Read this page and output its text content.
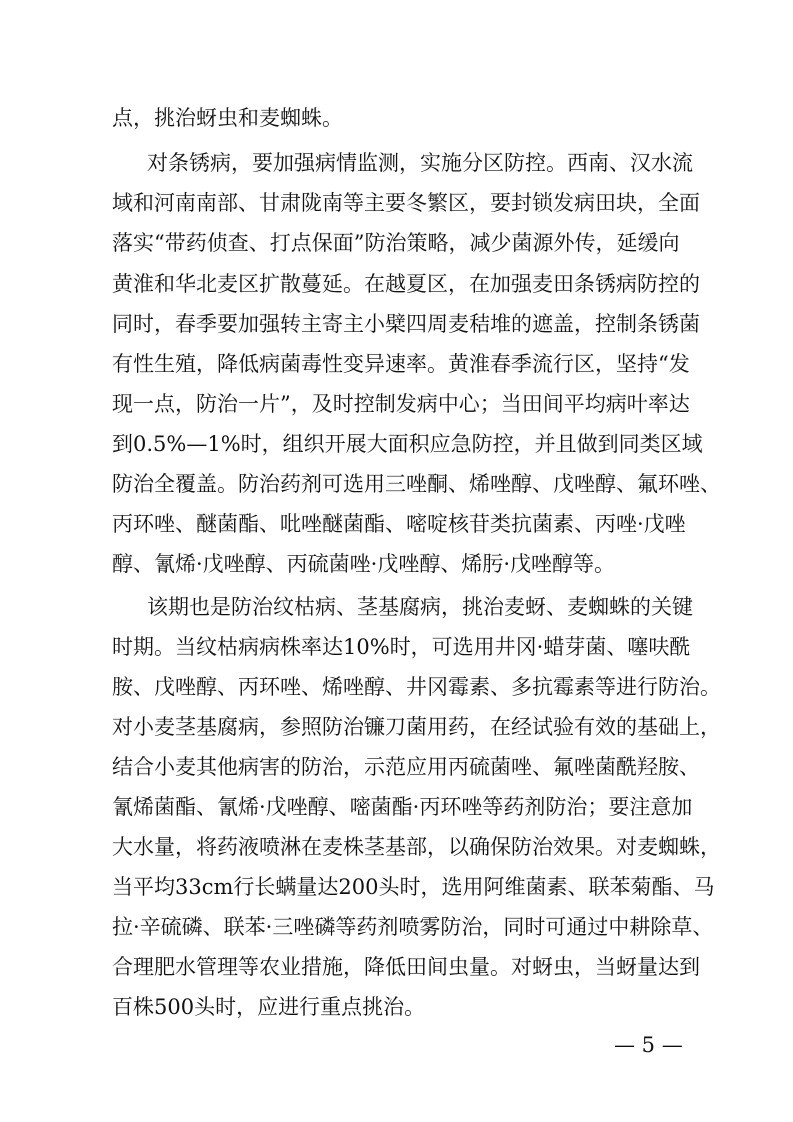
点，挑治蚜虫和麦蜘蛛。
对条锈病，要加强病情监测，实施分区防控。西南、汉水流
域和河南南部、甘肃陇南等主要冬繁区，要封锁发病田块，全面
落实“带药侦查、打点保面”防治策略，减少菌源外传，延缓向
黄淮和华北麦区扩散蔓延。在越夏区，在加强麦田条锈病防控的
同时，春季要加强转主寄主小檗四周麦秸堆的遮盖，控制条锈菌
有性生殖，降低病菌毒性变异速率。黄淮春季流行区，坚持“发
现一点，防治一片”，及时控制发病中心；当田间平均病叶率达
到0.5%—1%时，组织开展大面积应急防控，并且做到同类区域
防治全覆盖。防治药剂可选用三唑酮、烯唑醇、戊唑醇、氟环唑、
丙环唑、醚菌酯、吡唑醚菌酯、嘧啶核苷类抗菌素、丙唑·戊唑
醇、氰烯·戊唑醇、丙硫菌唑·戊唑醇、烯肟·戊唑醇等。
该期也是防治纹枯病、茎基腐病，挑治麦蚜、麦蜘蛛的关键
时期。当纹枯病病株率达10%时，可选用井冈·蜡芽菌、噻呋酰
胺、戊唑醇、丙环唑、烯唑醇、井冈霉素、多抗霉素等进行防治。
对小麦茎基腐病，参照防治镰刀菌用药，在经试验有效的基础上，
结合小麦其他病害的防治，示范应用丙硫菌唑、氟唑菌酰羟胺、
氰烯菌酯、氰烯·戊唑醇、嘧菌酯·丙环唑等药剂防治；要注意加
大水量，将药液喷淋在麦株茎基部，以确保防治效果。对麦蜘蛛，
当平均33cm行长螨量达200头时，选用阿维菌素、联苯菊酯、马
拉·辛硫磷、联苯·三唑磷等药剂喷雾防治，同时可通过中耕除草、
合理肥水管理等农业措施，降低田间虫量。对蚜虫，当蚜量达到
百株500头时，应进行重点挑治。
— 5 —
